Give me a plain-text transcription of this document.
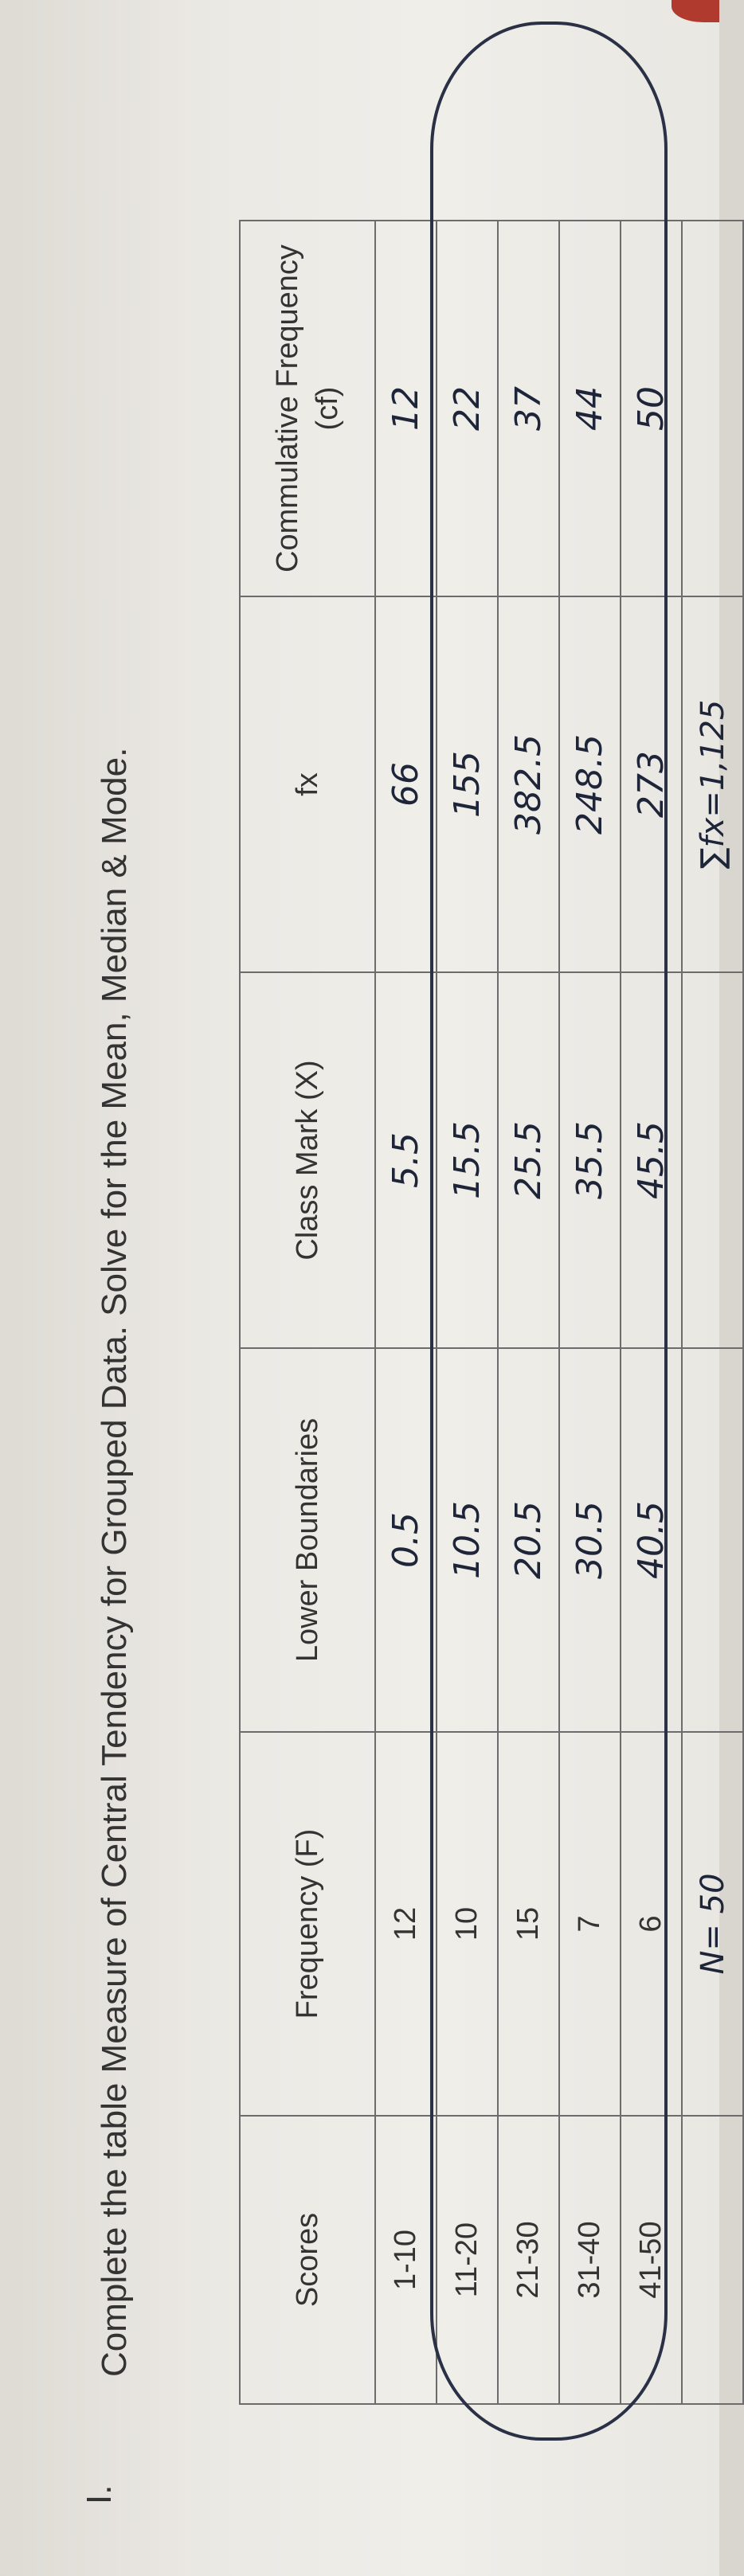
I.
Complete the table Measure of Central Tendency for Grouped Data. Solve for the Mean, Median & Mode.	Scores	Frequency (F)	Lower Boundaries	Class Mark (X)	fx	Commulative Frequency (cf)
1-10	12	0.5	5.5	66	12
11-20	10	10.5	15.5	155	22
21-30	15	20.5	25.5	382.5	37
31-40	7	30.5	35.5	248.5	44
41-50	6	40.5	45.5	273	50
	N= 50			∑fx=1,125	
